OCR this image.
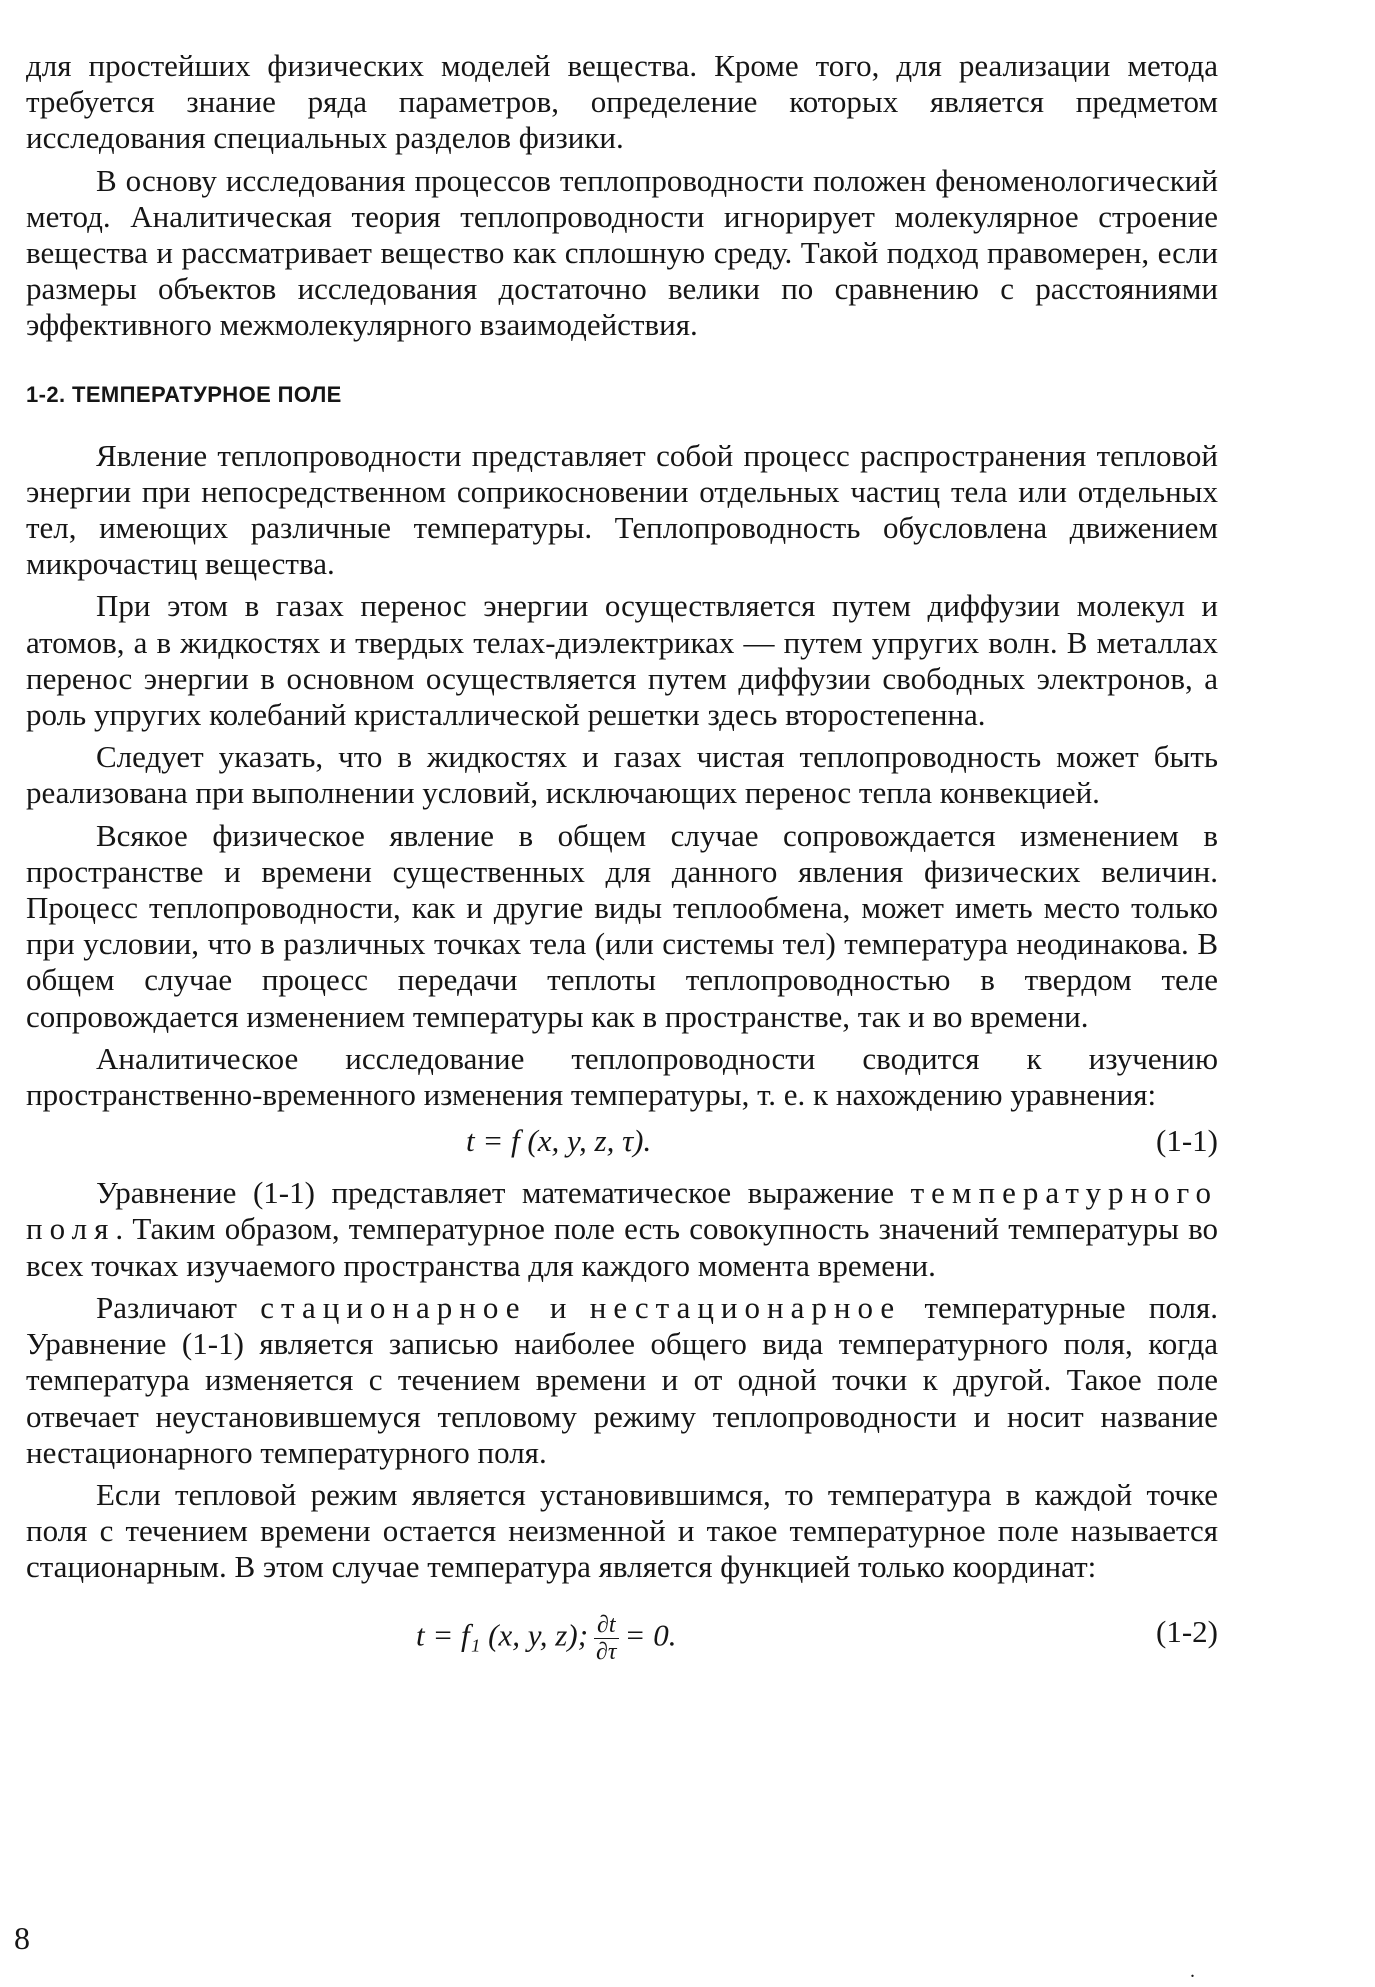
для простейших физических моделей вещества. Кроме того, для реализации метода требуется знание ряда параметров, определение которых является предметом исследования специальных разделов физики.

В основу исследования процессов теплопроводности положен феноменологический метод. Аналитическая теория теплопроводности игнорирует молекулярное строение вещества и рассматривает вещество как сплошную среду. Такой подход правомерен, если размеры объектов исследования достаточно велики по сравнению с расстояниями эффективного межмолекулярного взаимодействия.

1-2. ТЕМПЕРАТУРНОЕ ПОЛЕ

Явление теплопроводности представляет собой процесс распространения тепловой энергии при непосредственном соприкосновении отдельных частиц тела или отдельных тел, имеющих различные температуры. Теплопроводность обусловлена движением микрочастиц вещества.

При этом в газах перенос энергии осуществляется путем диффузии молекул и атомов, а в жидкостях и твердых телах-диэлектриках — путем упругих волн. В металлах перенос энергии в основном осуществляется путем диффузии свободных электронов, а роль упругих колебаний кристаллической решетки здесь второстепенна.

Следует указать, что в жидкостях и газах чистая теплопроводность может быть реализована при выполнении условий, исключающих перенос тепла конвекцией.

Всякое физическое явление в общем случае сопровождается изменением в пространстве и времени существенных для данного явления физических величин. Процесс теплопроводности, как и другие виды теплообмена, может иметь место только при условии, что в различных точках тела (или системы тел) температура неодинакова. В общем случае процесс передачи теплоты теплопроводностью в твердом теле сопровождается изменением температуры как в пространстве, так и во времени.

Аналитическое исследование теплопроводности сводится к изучению пространственно-временного изменения температуры, т. е. к нахождению уравнения:

t = f (x, y, z, τ).	(1-1)

Уравнение (1-1) представляет математическое выражение температурного поля. Таким образом, температурное поле есть совокупность значений температуры во всех точках изучаемого пространства для каждого момента времени.

Различают стационарное и нестационарное температурные поля. Уравнение (1-1) является записью наиболее общего вида температурного поля, когда температура изменяется с течением времени и от одной точки к другой. Такое поле отвечает неустановившемуся тепловому режиму теплопроводности и носит название нестационарного температурного поля.

Если тепловой режим является установившимся, то температура в каждой точке поля с течением времени остается неизменной и такое температурное поле называется стационарным. В этом случае температура является функцией только координат:

t = f₁ (x, y, z); $\frac{\partial t}{\partial\tau} = 0$.	(1-2)
8
.
